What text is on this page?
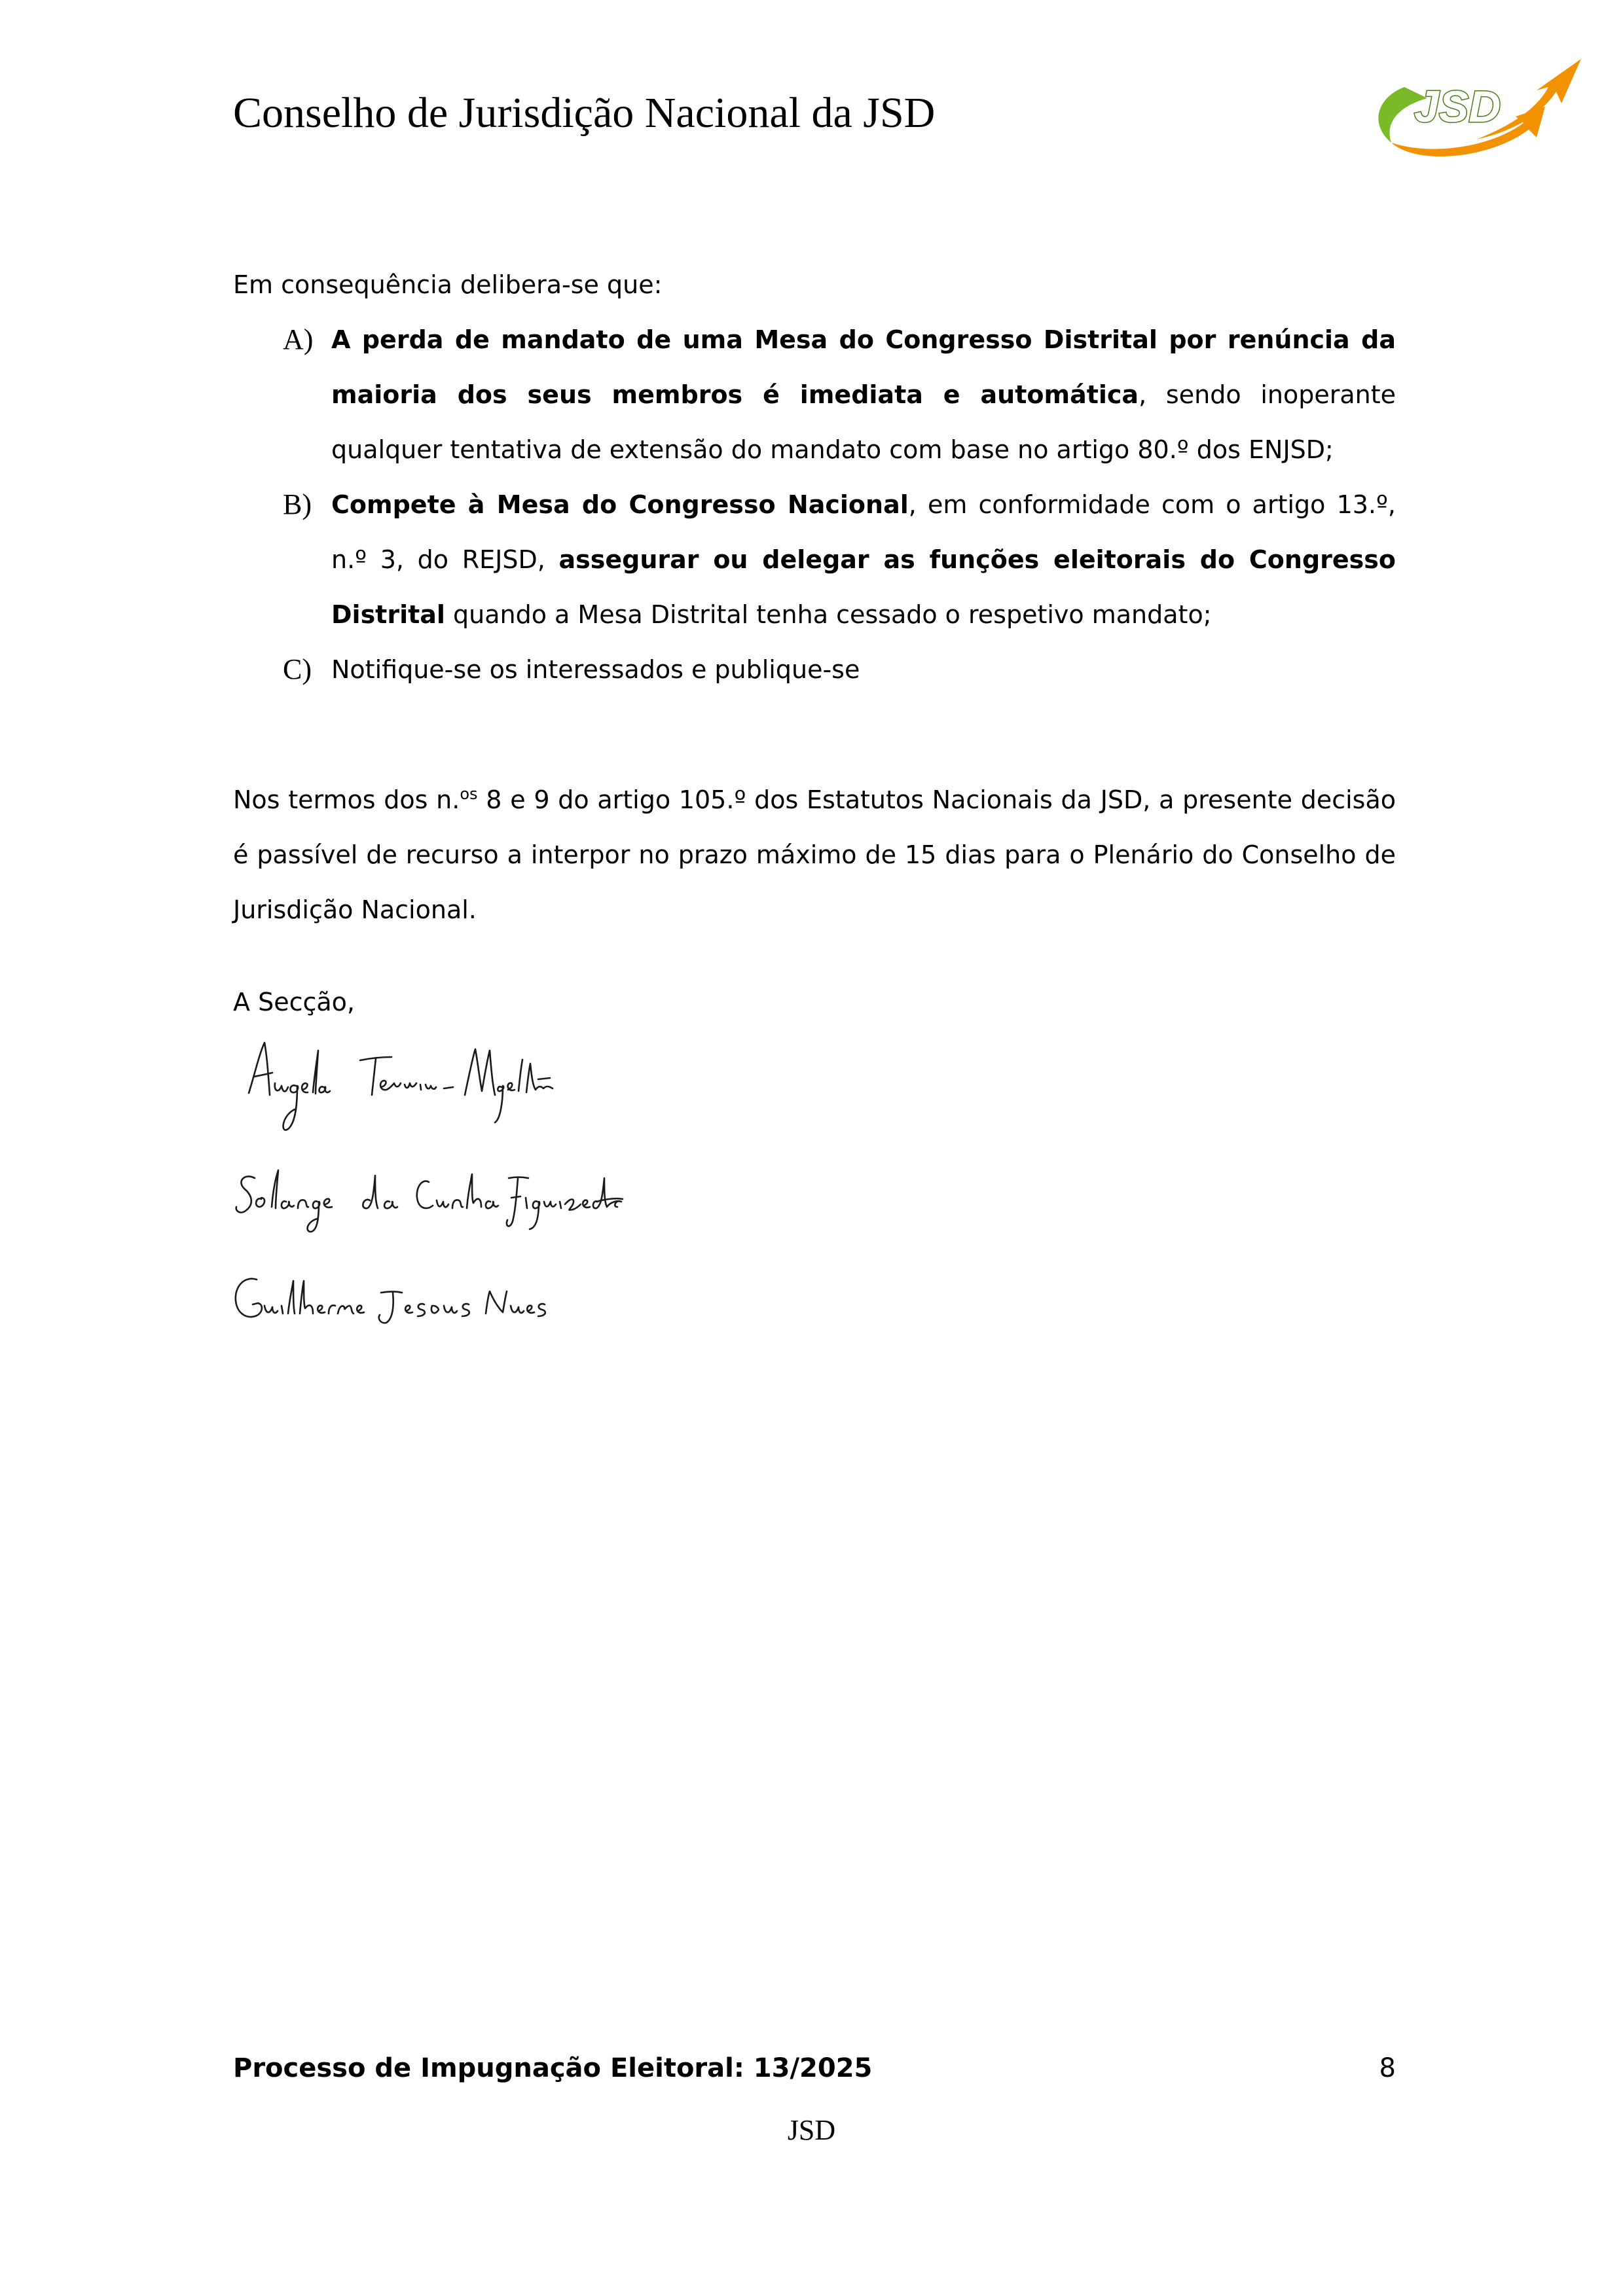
Conselho de Jurisdição Nacional da JSD	JSD
Em consequência delibera-se que:
A) A perda de mandato de uma Mesa do Congresso Distrital por renúncia da maioria dos seus membros é imediata e automática, sendo inoperante qualquer tentativa de extensão do mandato com base no artigo 80.º dos ENJSD;
B) Compete à Mesa do Congresso Nacional, em conformidade com o artigo 13.º, n.º 3, do REJSD, assegurar ou delegar as funções eleitorais do Congresso Distrital quando a Mesa Distrital tenha cessado o respetivo mandato;
C) Notifique-se os interessados e publique-se
Nos termos dos n.$^{os}$ 8 e 9 do artigo 105.º dos Estatutos Nacionais da JSD, a presente decisão é passível de recurso a interpor no prazo máximo de 15 dias para o Plenário do Conselho de Jurisdição Nacional.
A Secção,
Processo de Impugnação Eleitoral: 13/2025	8
JSD
